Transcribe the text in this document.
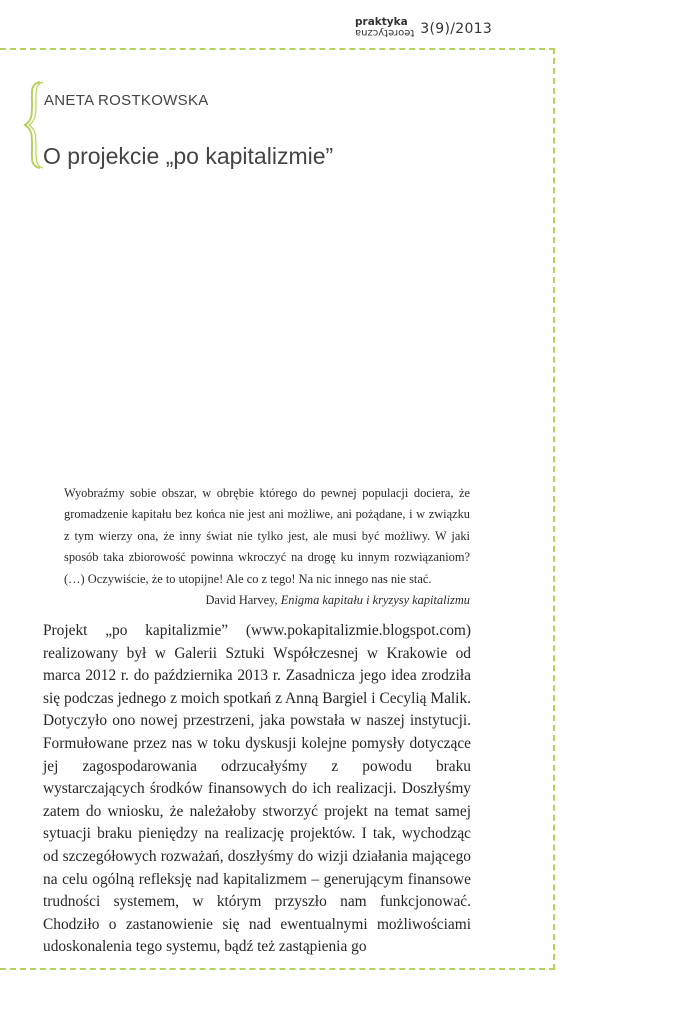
praktyka
teoretyczna 3(9)/2013
ANETA ROSTKOWSKA
O projekcie „po kapitalizmie”

Wyobraźmy sobie obszar, w obrębie którego do pewnej populacji dociera, że gromadzenie kapitału bez końca nie jest ani możliwe, ani pożądane, i w związku z tym wierzy ona, że inny świat nie tylko jest, ale musi być możliwy. W jaki sposób taka zbiorowość powinna wkroczyć na drogę ku innym rozwiązaniom? (…) Oczywiście, że to utopijne! Ale co z tego! Na nic innego nas nie stać.

David Harvey, Enigma kapitału i kryzysy kapitalizmu

Projekt „po kapitalizmie” (www.pokapitalizmie.blogspot.com) realizowany był w Galerii Sztuki Współczesnej w Krakowie od marca 2012 r. do października 2013 r. Zasadnicza jego idea zrodziła się podczas jednego z moich spotkań z Anną Bargiel i Cecylią Malik. Dotyczyło ono nowej przestrzeni, jaka powstała w naszej instytucji. Formułowane przez nas w toku dyskusji kolejne pomysły dotyczące jej zagospodarowania odrzucałyśmy z powodu braku wystarczających środków finansowych do ich realizacji. Doszłyśmy zatem do wniosku, że należałoby stworzyć projekt na temat samej sytuacji braku pieniędzy na realizację projektów. I tak, wychodząc od szczegółowych rozważań, doszłyśmy do wizji działania mającego na celu ogólną refleksję nad kapitalizmem – generującym finansowe trudności systemem, w którym przyszło nam funkcjonować. Chodziło o zastanowienie się nad ewentualnymi możliwościami udoskonalenia tego systemu, bądź też zastąpienia go
